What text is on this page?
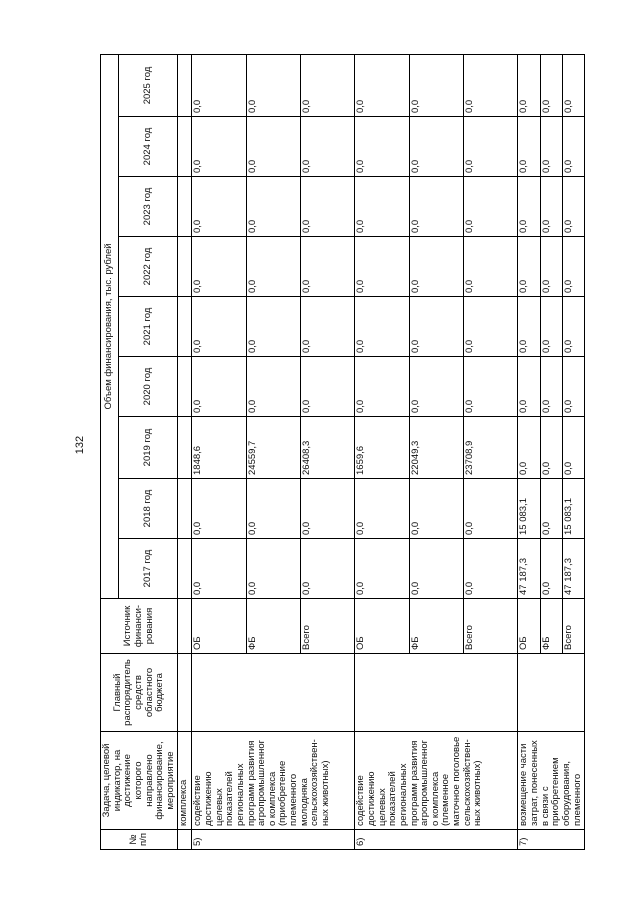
132
№ п/п	Задача, целевой индикатор, на достижение которого направлено финансирование, мероприятие	Главный распорядитель средств областного бюджета	Источник финанси-рования	Объем финансирования, тыс. рублей								
				2017 год	2018 год	2019 год	2020 год	2021 год	2022 год	2023 год	2024 год	2025 год
	комплекса											
5)	содействие достижению целевых показателей региональных программ развития агропромышленного комплекса (приобретение племенного молодняка сельскохозяйствен-ных животных)		ОБ	0,0	0,0	1848,6	0,0	0,0	0,0	0,0	0,0	0,0
			ФБ	0,0	0,0	24559,7	0,0	0,0	0,0	0,0	0,0	0,0
			Всего	0,0	0,0	26408,3	0,0	0,0	0,0	0,0	0,0	0,0
6)	содействие достижению целевых показателей региональных программ развития агропромышленного комплекса (племенное маточное поголовье сельскохозяйствен-ных животных)		ОБ	0,0	0,0	1659,6	0,0	0,0	0,0	0,0	0,0	0,0
			ФБ	0,0	0,0	22049,3	0,0	0,0	0,0	0,0	0,0	0,0
			Всего	0,0	0,0	23708,9	0,0	0,0	0,0	0,0	0,0	0,0
7)	возмещение части затрат, понесенных в связи с приобретением оборудования, племенного		ОБ	47 187,3	15 083,1	0,0	0,0	0,0	0,0	0,0	0,0	0,0
			ФБ	0,0	0,0	0,0	0,0	0,0	0,0	0,0	0,0	0,0
			Всего	47 187,3	15 083,1	0,0	0,0	0,0	0,0	0,0	0,0	0,0
